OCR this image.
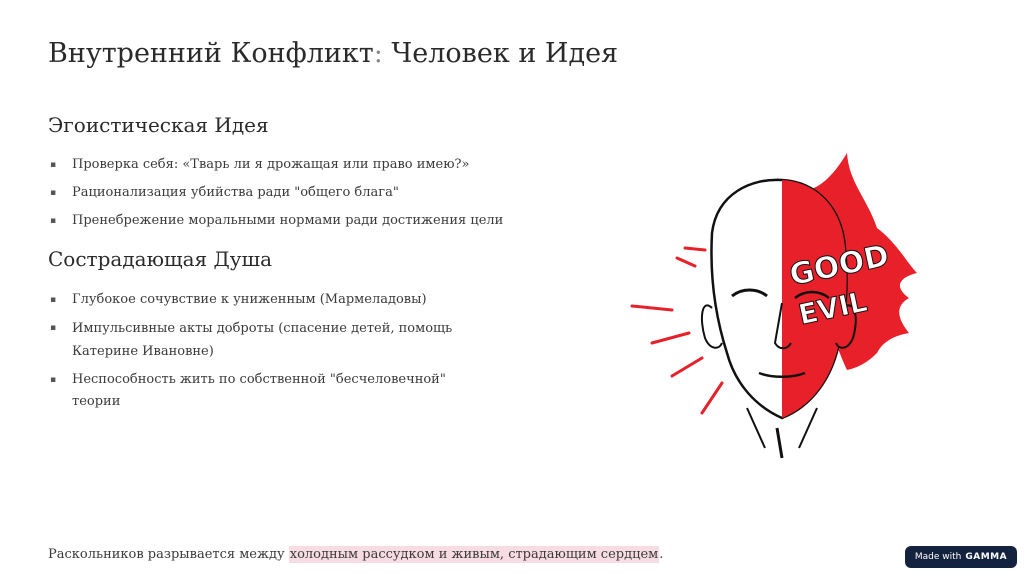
Внутренний Конфликт: Человек и Идея
Эгоистическая Идея
▪ Проверка себя: «Тварь ли я дрожащая или право имею?»
▪ Рационализация убийства ради "общего блага"
▪ Пренебрежение моральными нормами ради достижения цели
Сострадающая Душа
▪ Глубокое сочувствие к униженным (Мармеладовы)
▪ Импульсивные акты доброты (спасение детей, помощь Катерине Ивановне)
▪ Неспособность жить по собственной "бесчеловечной" теории
GOOD
EVIL
Раскольников разрывается между холодным рассудком и живым, страдающим сердцем.	Made with GAMMA
